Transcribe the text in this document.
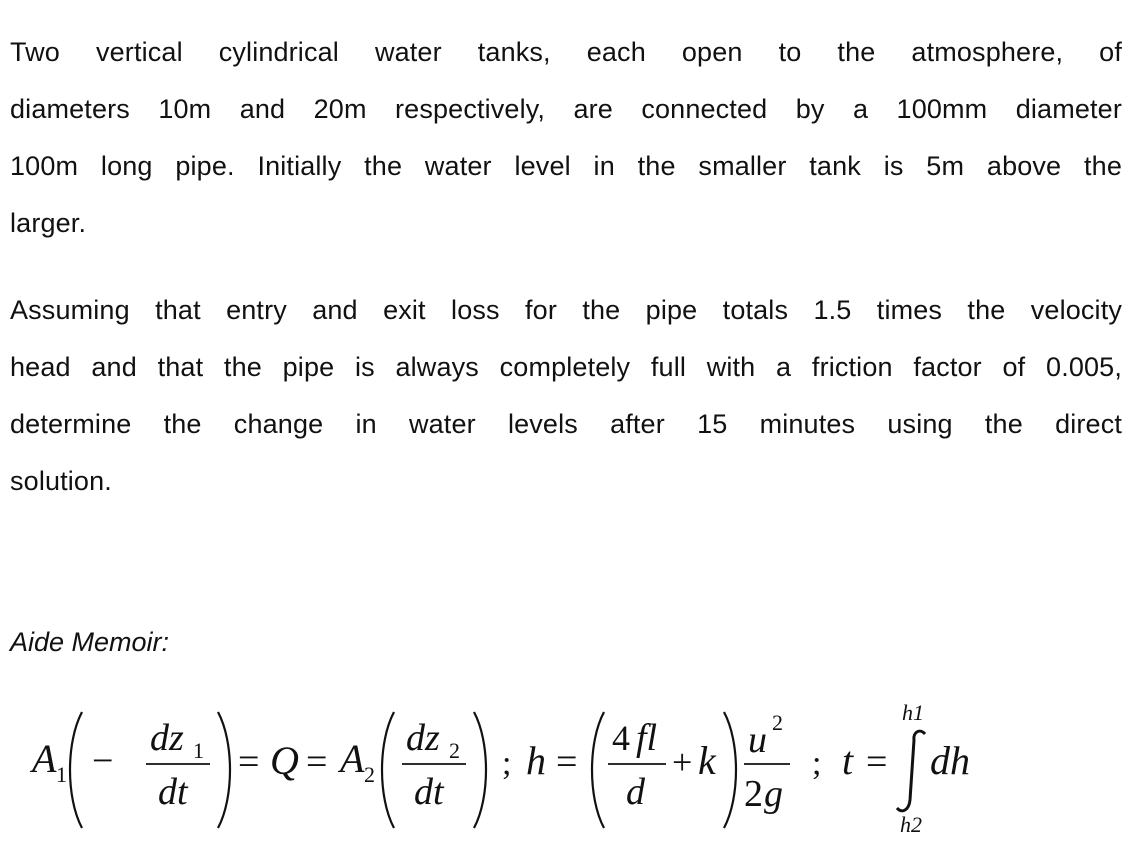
Two vertical cylindrical water tanks, each open to the atmosphere, of
diameters 10m and 20m respectively, are connected by a 100mm diameter
100m long pipe. Initially the water level in the smaller tank is 5m above the
larger.
Assuming that entry and exit loss for the pipe totals 1.5 times the velocity
head and that the pipe is always completely full with a friction factor of 0.005,
determine the change in water levels after 15 minutes using the direct
solution.
Aide Memoir:
A 1 −
dz 1
dt
= Q = A 2
dz 2
dt
; h =
4 fl
d
+ k u 2
2 g
; t =
h1
h2
dh
